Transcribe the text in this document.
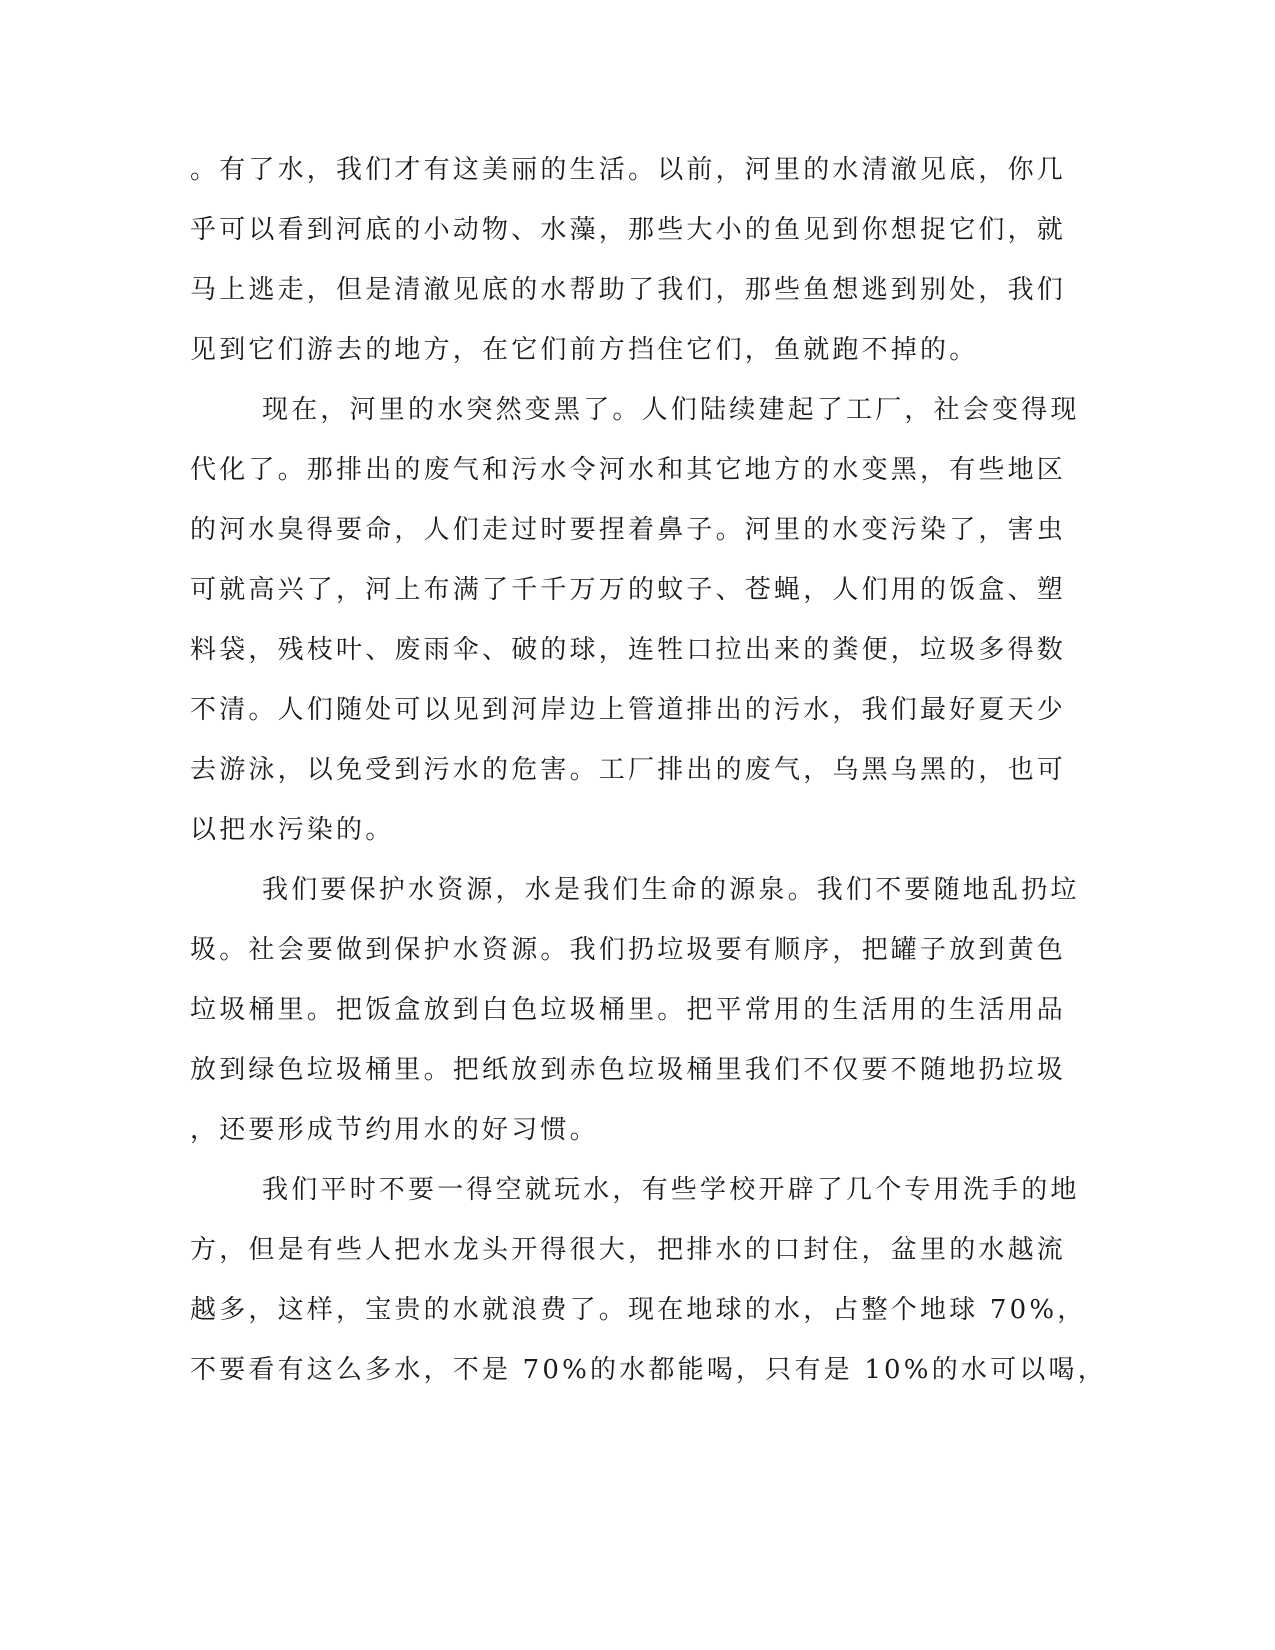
。有了水，我们才有这美丽的生活。以前，河里的水清澈见底，你几
乎可以看到河底的小动物、水藻，那些大小的鱼见到你想捉它们，就
马上逃走，但是清澈见底的水帮助了我们，那些鱼想逃到别处，我们
见到它们游去的地方，在它们前方挡住它们，鱼就跑不掉的。
现在，河里的水突然变黑了。人们陆续建起了工厂，社会变得现
代化了。那排出的废气和污水令河水和其它地方的水变黑，有些地区
的河水臭得要命，人们走过时要捏着鼻子。河里的水变污染了，害虫
可就高兴了，河上布满了千千万万的蚊子、苍蝇，人们用的饭盒、塑
料袋，残枝叶、废雨伞、破的球，连牲口拉出来的粪便，垃圾多得数
不清。人们随处可以见到河岸边上管道排出的污水，我们最好夏天少
去游泳，以免受到污水的危害。工厂排出的废气，乌黑乌黑的，也可
以把水污染的。
我们要保护水资源，水是我们生命的源泉。我们不要随地乱扔垃
圾。社会要做到保护水资源。我们扔垃圾要有顺序，把罐子放到黄色
垃圾桶里。把饭盒放到白色垃圾桶里。把平常用的生活用的生活用品
放到绿色垃圾桶里。把纸放到赤色垃圾桶里我们不仅要不随地扔垃圾
，还要形成节约用水的好习惯。
我们平时不要一得空就玩水，有些学校开辟了几个专用洗手的地
方，但是有些人把水龙头开得很大，把排水的口封住，盆里的水越流
越多，这样，宝贵的水就浪费了。现在地球的水，占整个地球 70%，
不要看有这么多水，不是 70%的水都能喝，只有是 10%的水可以喝，
